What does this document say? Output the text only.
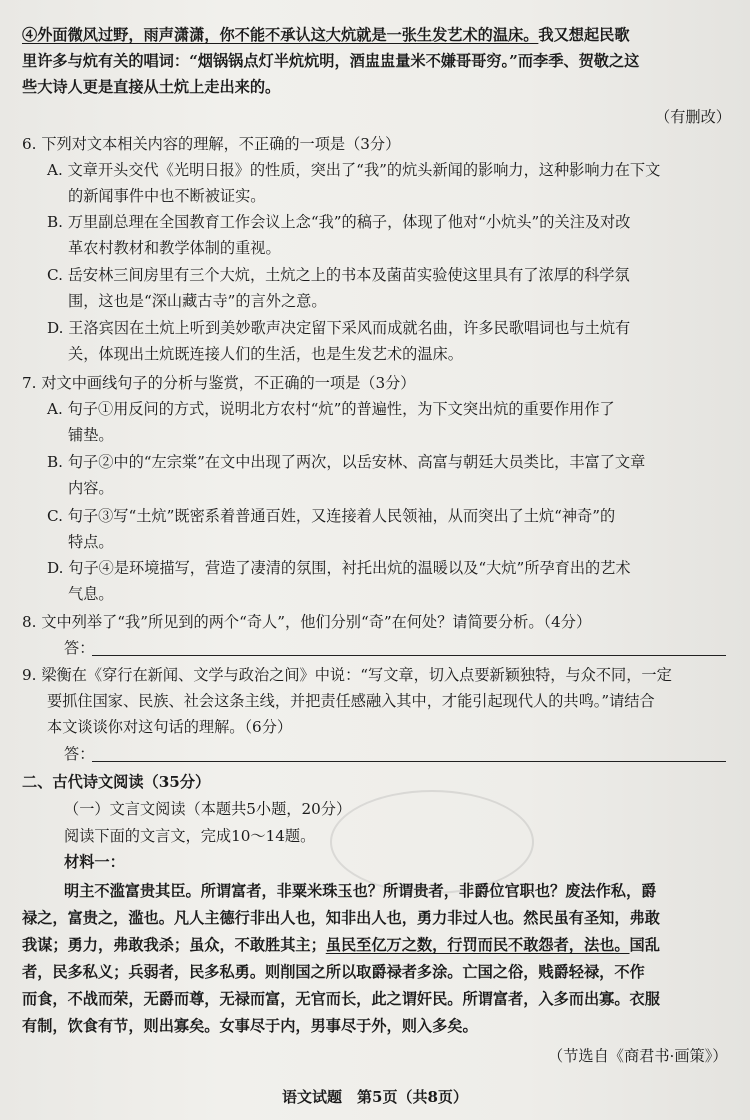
④外面微风过野，雨声潇潇，你不能不承认这大炕就是一张生发艺术的温床。我又想起民歌
里许多与炕有关的唱词：“烟锅锅点灯半炕炕明，酒盅盅量米不嫌哥哥穷。”而李季、贺敬之这
些大诗人更是直接从土炕上走出来的。
（有删改）
6. 下列对文本相关内容的理解，不正确的一项是（3分）
A. 文章开头交代《光明日报》的性质，突出了“我”的炕头新闻的影响力，这种影响力在下文
的新闻事件中也不断被证实。
B. 万里副总理在全国教育工作会议上念“我”的稿子，体现了他对“小炕头”的关注及对改
革农村教材和教学体制的重视。
C. 岳安林三间房里有三个大炕，土炕之上的书本及菌苗实验使这里具有了浓厚的科学氛
围，这也是“深山藏古寺”的言外之意。
D. 王洛宾因在土炕上听到美妙歌声决定留下采风而成就名曲，许多民歌唱词也与土炕有
关，体现出土炕既连接人们的生活，也是生发艺术的温床。
7. 对文中画线句子的分析与鉴赏，不正确的一项是（3分）
A. 句子①用反问的方式，说明北方农村“炕”的普遍性，为下文突出炕的重要作用作了
铺垫。
B. 句子②中的“左宗棠”在文中出现了两次，以岳安林、高富与朝廷大员类比，丰富了文章
内容。
C. 句子③写“土炕”既密系着普通百姓，又连接着人民领袖，从而突出了土炕“神奇”的
特点。
D. 句子④是环境描写，营造了凄清的氛围，衬托出炕的温暖以及“大炕”所孕育出的艺术
气息。
8. 文中列举了“我”所见到的两个“奇人”，他们分别“奇”在何处？请简要分析。（4分）
答：
9. 梁衡在《穿行在新闻、文学与政治之间》中说：“写文章，切入点要新颖独特，与众不同，一定
要抓住国家、民族、社会这条主线，并把责任感融入其中，才能引起现代人的共鸣。”请结合
本文谈谈你对这句话的理解。（6分）
答：
二、古代诗文阅读（35分）
（一）文言文阅读（本题共5小题，20分）
阅读下面的文言文，完成10～14题。
材料一：
明主不滥富贵其臣。所谓富者，非粟米珠玉也？所谓贵者，非爵位官职也？废法作私，爵
禄之，富贵之，滥也。凡人主德行非出人也，知非出人也，勇力非过人也。然民虽有圣知，弗敢
我谋；勇力，弗敢我杀；虽众，不敢胜其主；虽民至亿万之数，行罚而民不敢怨者，法也。国乱
者，民多私义；兵弱者，民多私勇。则削国之所以取爵禄者多涂。亡国之俗，贱爵轻禄，不作
而食，不战而荣，无爵而尊，无禄而富，无官而长，此之谓奸民。所谓富者，入多而出寡。衣服
有制，饮食有节，则出寡矣。女事尽于内，男事尽于外，则入多矣。
（节选自《商君书·画策》）
语文试题　第5页（共8页）
